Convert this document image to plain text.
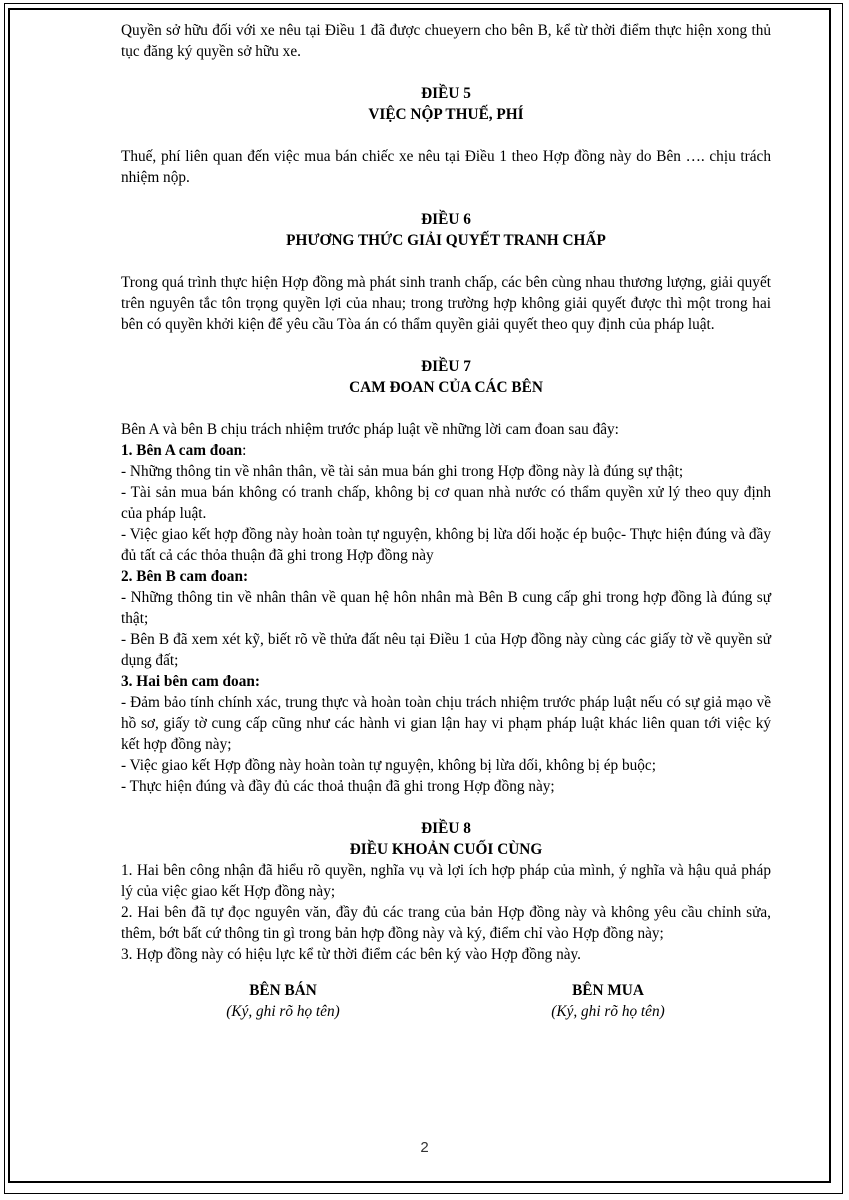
Quyền sở hữu đối với xe nêu tại Điều 1 đã được chueyern cho bên B, kể từ thời điểm thực hiện xong thủ tục đăng ký quyền sở hữu xe.

ĐIỀU 5
VIỆC NỘP THUẾ, PHÍ

Thuế, phí liên quan đến việc mua bán chiếc xe nêu tại Điều 1 theo Hợp đồng này do Bên …. chịu trách nhiệm nộp.

ĐIỀU 6
PHƯƠNG THỨC GIẢI QUYẾT TRANH CHẤP

Trong quá trình thực hiện Hợp đồng mà phát sinh tranh chấp, các bên cùng nhau thương lượng, giải quyết trên nguyên tắc tôn trọng quyền lợi của nhau; trong trường hợp không giải quyết được thì một trong hai bên có quyền khởi kiện để yêu cầu Tòa án có thẩm quyền giải quyết theo quy định của pháp luật.

ĐIỀU 7
CAM ĐOAN CỦA CÁC BÊN

Bên A và bên B chịu trách nhiệm trước pháp luật về những lời cam đoan sau đây:

1. Bên A cam đoan:

- Những thông tin về nhân thân, về tài sản mua bán ghi trong Hợp đồng này là đúng sự thật;

- Tài sản mua bán không có tranh chấp, không bị cơ quan nhà nước có thẩm quyền xử lý theo quy định của pháp luật.

- Việc giao kết hợp đồng này hoàn toàn tự nguyện, không bị lừa dối hoặc ép buộc- Thực hiện đúng và đầy đủ tất cả các thỏa thuận đã ghi trong Hợp đồng này

2. Bên B cam đoan:

- Những thông tin về nhân thân về quan hệ hôn nhân mà Bên B cung cấp ghi trong hợp đồng là đúng sự thật;

- Bên B đã xem xét kỹ, biết rõ về thửa đất nêu tại Điều 1 của Hợp đồng này cùng các giấy tờ về quyền sử dụng đất;

3. Hai bên cam đoan:

- Đảm bảo tính chính xác, trung thực và hoàn toàn chịu trách nhiệm trước pháp luật nếu có sự giả mạo về hồ sơ, giấy tờ cung cấp cũng như các hành vi gian lận hay vi phạm pháp luật khác liên quan tới việc ký kết hợp đồng này;

- Việc giao kết Hợp đồng này hoàn toàn tự nguyện, không bị lừa dối, không bị ép buộc;

- Thực hiện đúng và đầy đủ các thoả thuận đã ghi trong Hợp đồng này;

ĐIỀU 8
ĐIỀU KHOẢN CUỐI CÙNG

1. Hai bên công nhận đã hiểu rõ quyền, nghĩa vụ và lợi ích hợp pháp của mình, ý nghĩa và hậu quả pháp lý của việc giao kết Hợp đồng này;

2. Hai bên đã tự đọc nguyên văn, đầy đủ các trang của bản Hợp đồng này và không yêu cầu chỉnh sửa, thêm, bớt bất cứ thông tin gì trong bản hợp đồng này và ký, điểm chỉ vào Hợp đồng này;

3. Hợp đồng này có hiệu lực kể từ thời điểm các bên ký vào Hợp đồng này.

BÊN BÁN
(Ký, ghi rõ họ tên)
BÊN MUA
(Ký, ghi rõ họ tên)
2
